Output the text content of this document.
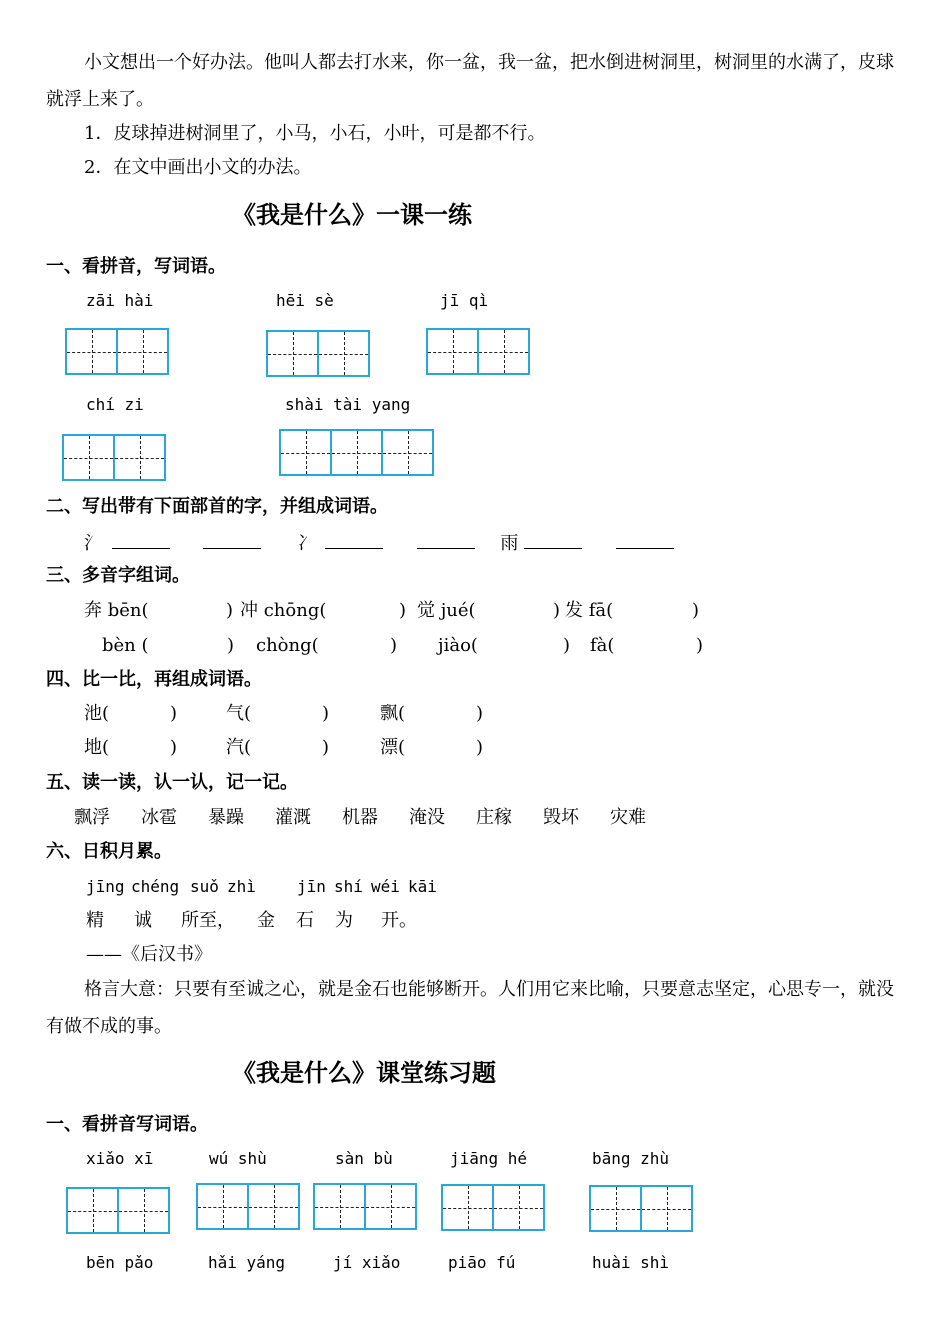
小文想出一个好办法。他叫人都去打水来，你一盆，我一盆，把水倒进树洞里，树洞里的水满了，皮球
就浮上来了。
1．皮球掉进树洞里了，小马，小石，小叶，可是都不行。
2．在文中画出小文的办法。
《我是什么》一课一练
一、看拼音，写词语。
zāi hài	hēi sè	jī qì
chí zi	shài tài yang
二、写出带有下面部首的字，并组成词语。
氵	冫	雨
三、多音字组词。
奔 bēn(	) 冲 chōng(	) 觉 jué(	) 发 fā(	)
bèn (	) chòng(	) jiào(	) fà(	)
四、比一比，再组成词语。
池(	)	气(	)	飘(	)
地(	)	汽(	)	漂(	)
五、读一读，认一认，记一记。
飘浮 冰雹 暴躁 灌溉 机器 淹没 庄稼 毁坏 灾难
六、日积月累。
jīng chéng suǒ zhì	jīn shí wéi kāi
精 诚 所至， 金 石 为 开。
——《后汉书》
格言大意：只要有至诚之心，就是金石也能够断开。人们用它来比喻，只要意志坚定，心思专一，就没
有做不成的事。
《我是什么》课堂练习题
一、看拼音写词语。
xiǎo xī	wú shù	sàn bù	jiāng hé	bāng zhù
bēn pǎo	hǎi yáng	jí xiǎo	piāo fú	huài shì
